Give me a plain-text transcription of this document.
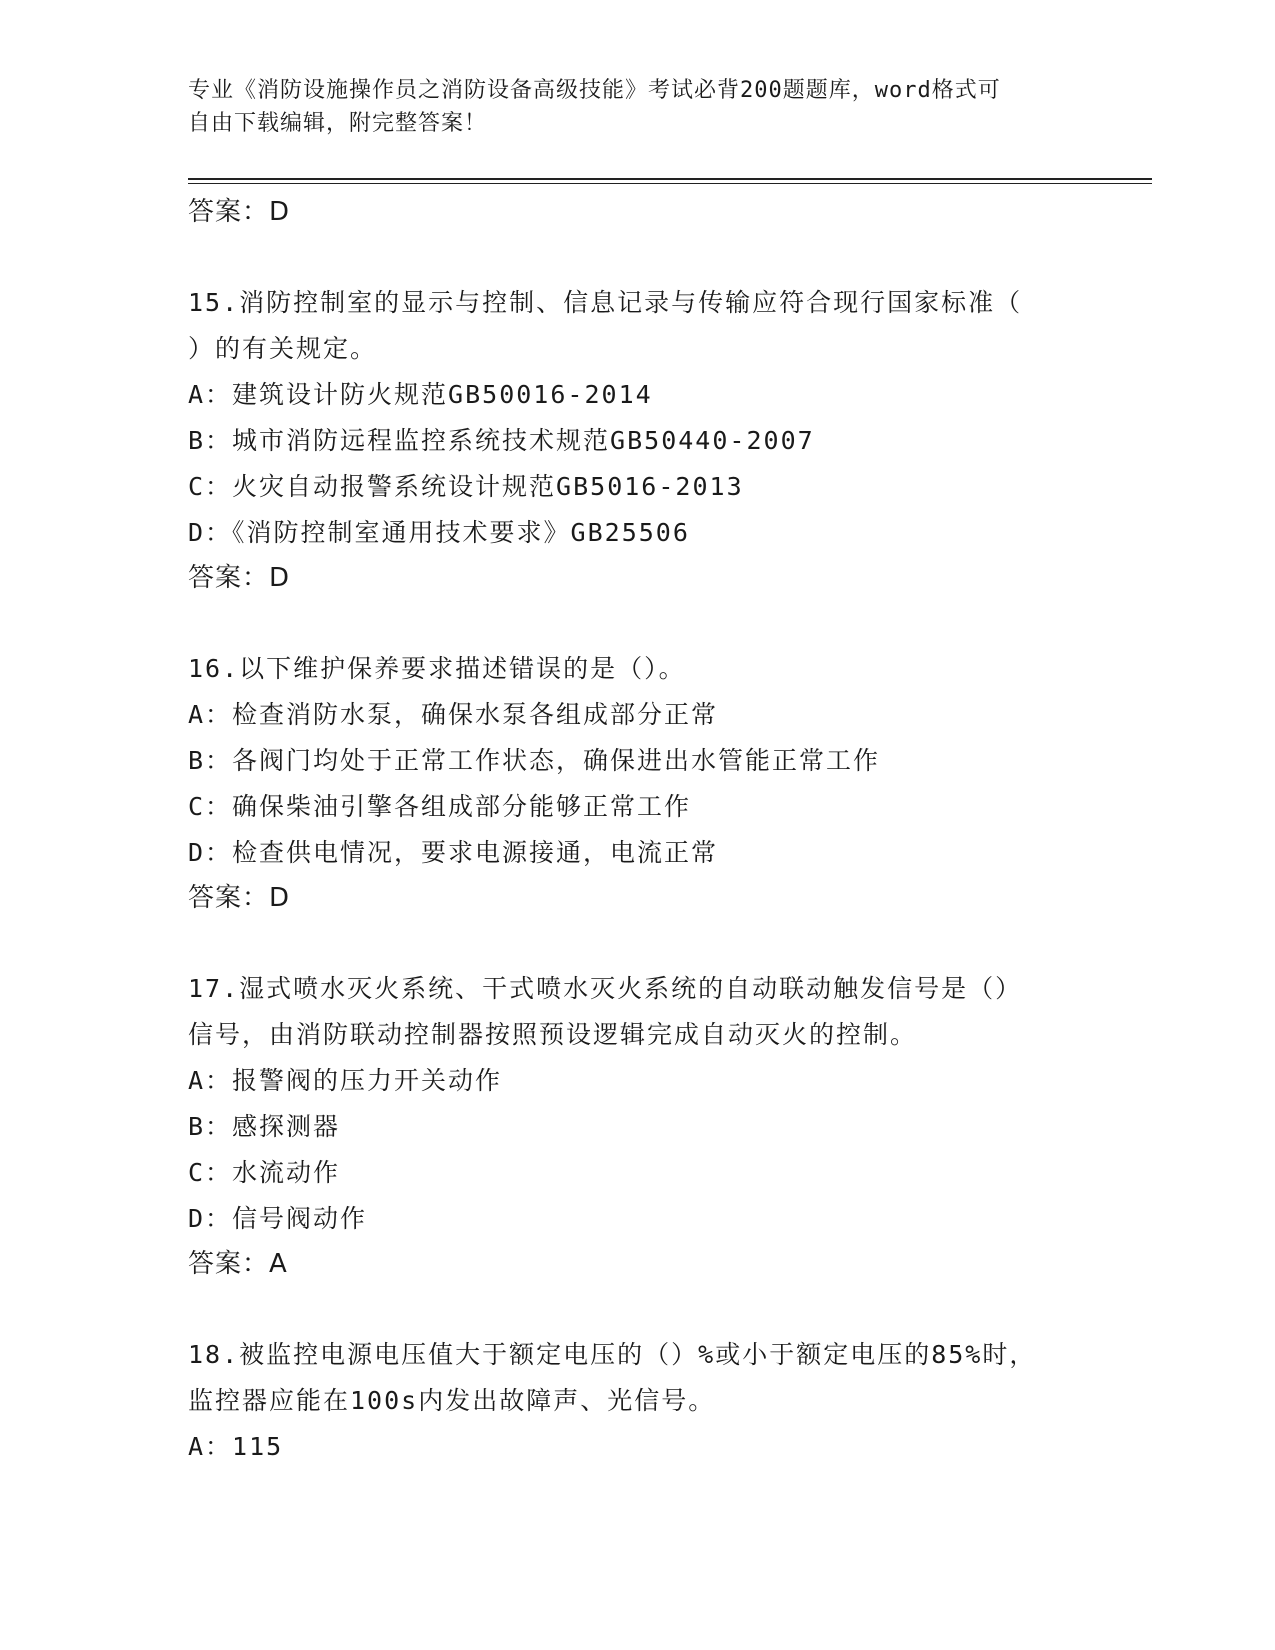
专业《消防设施操作员之消防设备高级技能》考试必背200题题库，word格式可
自由下载编辑，附完整答案！
答案：D
15.消防控制室的显示与控制、信息记录与传输应符合现行国家标准（
）的有关规定。
A：建筑设计防火规范GB50016-2014
B：城市消防远程监控系统技术规范GB50440-2007
C：火灾自动报警系统设计规范GB5016-2013
D：《消防控制室通用技术要求》GB25506
答案：D
16.以下维护保养要求描述错误的是（）。
A：检查消防水泵，确保水泵各组成部分正常
B：各阀门均处于正常工作状态，确保进出水管能正常工作
C：确保柴油引擎各组成部分能够正常工作
D：检查供电情况，要求电源接通，电流正常
答案：D
17.湿式喷水灭火系统、干式喷水灭火系统的自动联动触发信号是（）
信号，由消防联动控制器按照预设逻辑完成自动灭火的控制。
A：报警阀的压力开关动作
B：感探测器
C：水流动作
D：信号阀动作
答案：A
18.被监控电源电压值大于额定电压的（）%或小于额定电压的85%时，
监控器应能在100s内发出故障声、光信号。
A：115
